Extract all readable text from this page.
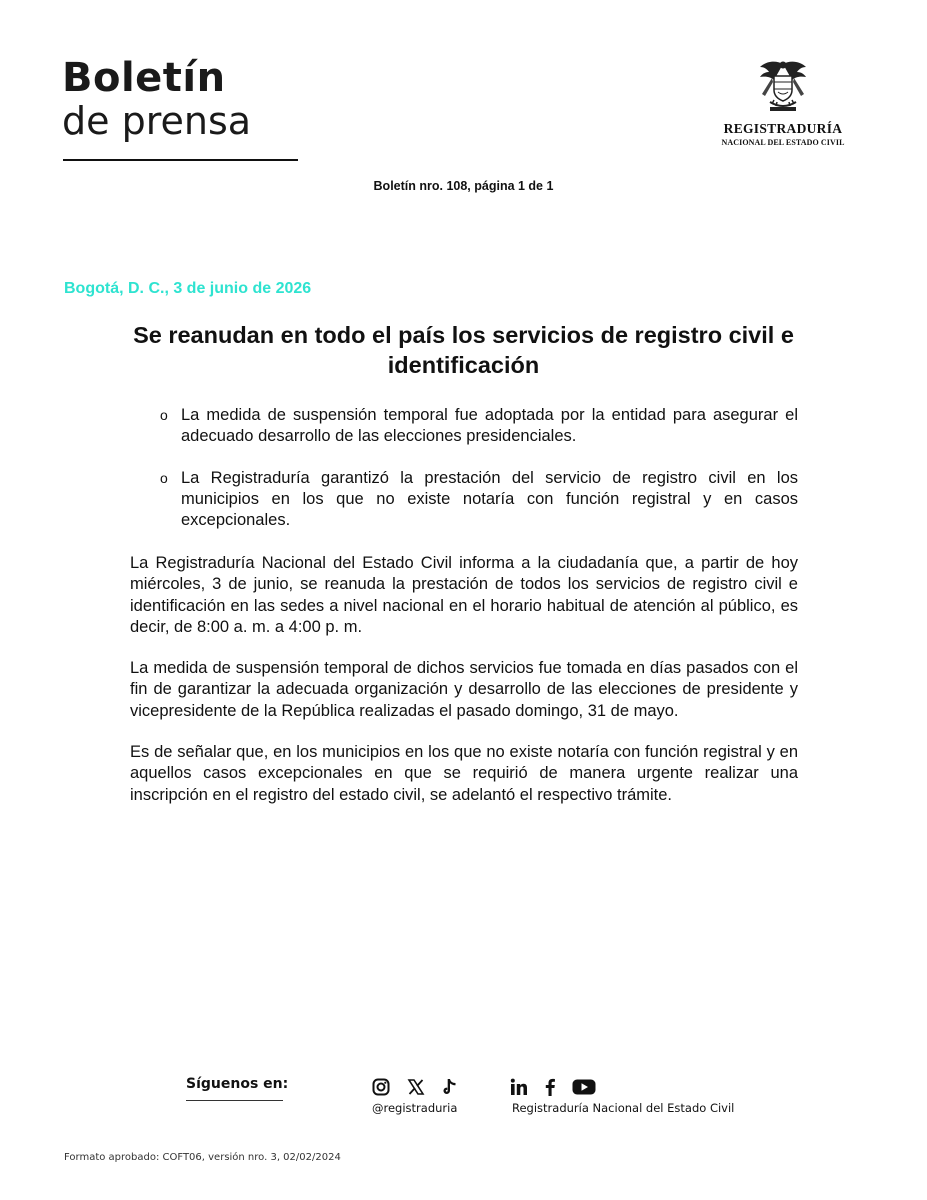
Boletín
de prensa	REGISTRADURÍA
NACIONAL DEL ESTADO CIVIL
Boletín nro. 108, página 1 de 1
Bogotá, D. C., 3 de junio de 2026
Se reanudan en todo el país los servicios de registro civil e identificación
o La medida de suspensión temporal fue adoptada por la entidad para asegurar el adecuado desarrollo de las elecciones presidenciales.
o La Registraduría garantizó la prestación del servicio de registro civil en los municipios en los que no existe notaría con función registral y en casos excepcionales.

La Registraduría Nacional del Estado Civil informa a la ciudadanía que, a partir de hoy miércoles, 3 de junio, se reanuda la prestación de todos los servicios de registro civil e identificación en las sedes a nivel nacional en el horario habitual de atención al público, es decir, de 8:00 a. m. a 4:00 p. m.

La medida de suspensión temporal de dichos servicios fue tomada en días pasados con el fin de garantizar la adecuada organización y desarrollo de las elecciones de presidente y vicepresidente de la República realizadas el pasado domingo, 31 de mayo.

Es de señalar que, en los municipios en los que no existe notaría con función registral y en aquellos casos excepcionales en que se requirió de manera urgente realizar una inscripción en el registro del estado civil, se adelantó el respectivo trámite.

Síguenos en:
@registraduria	Registraduría Nacional del Estado Civil
Formato aprobado: COFT06, versión nro. 3, 02/02/2024
